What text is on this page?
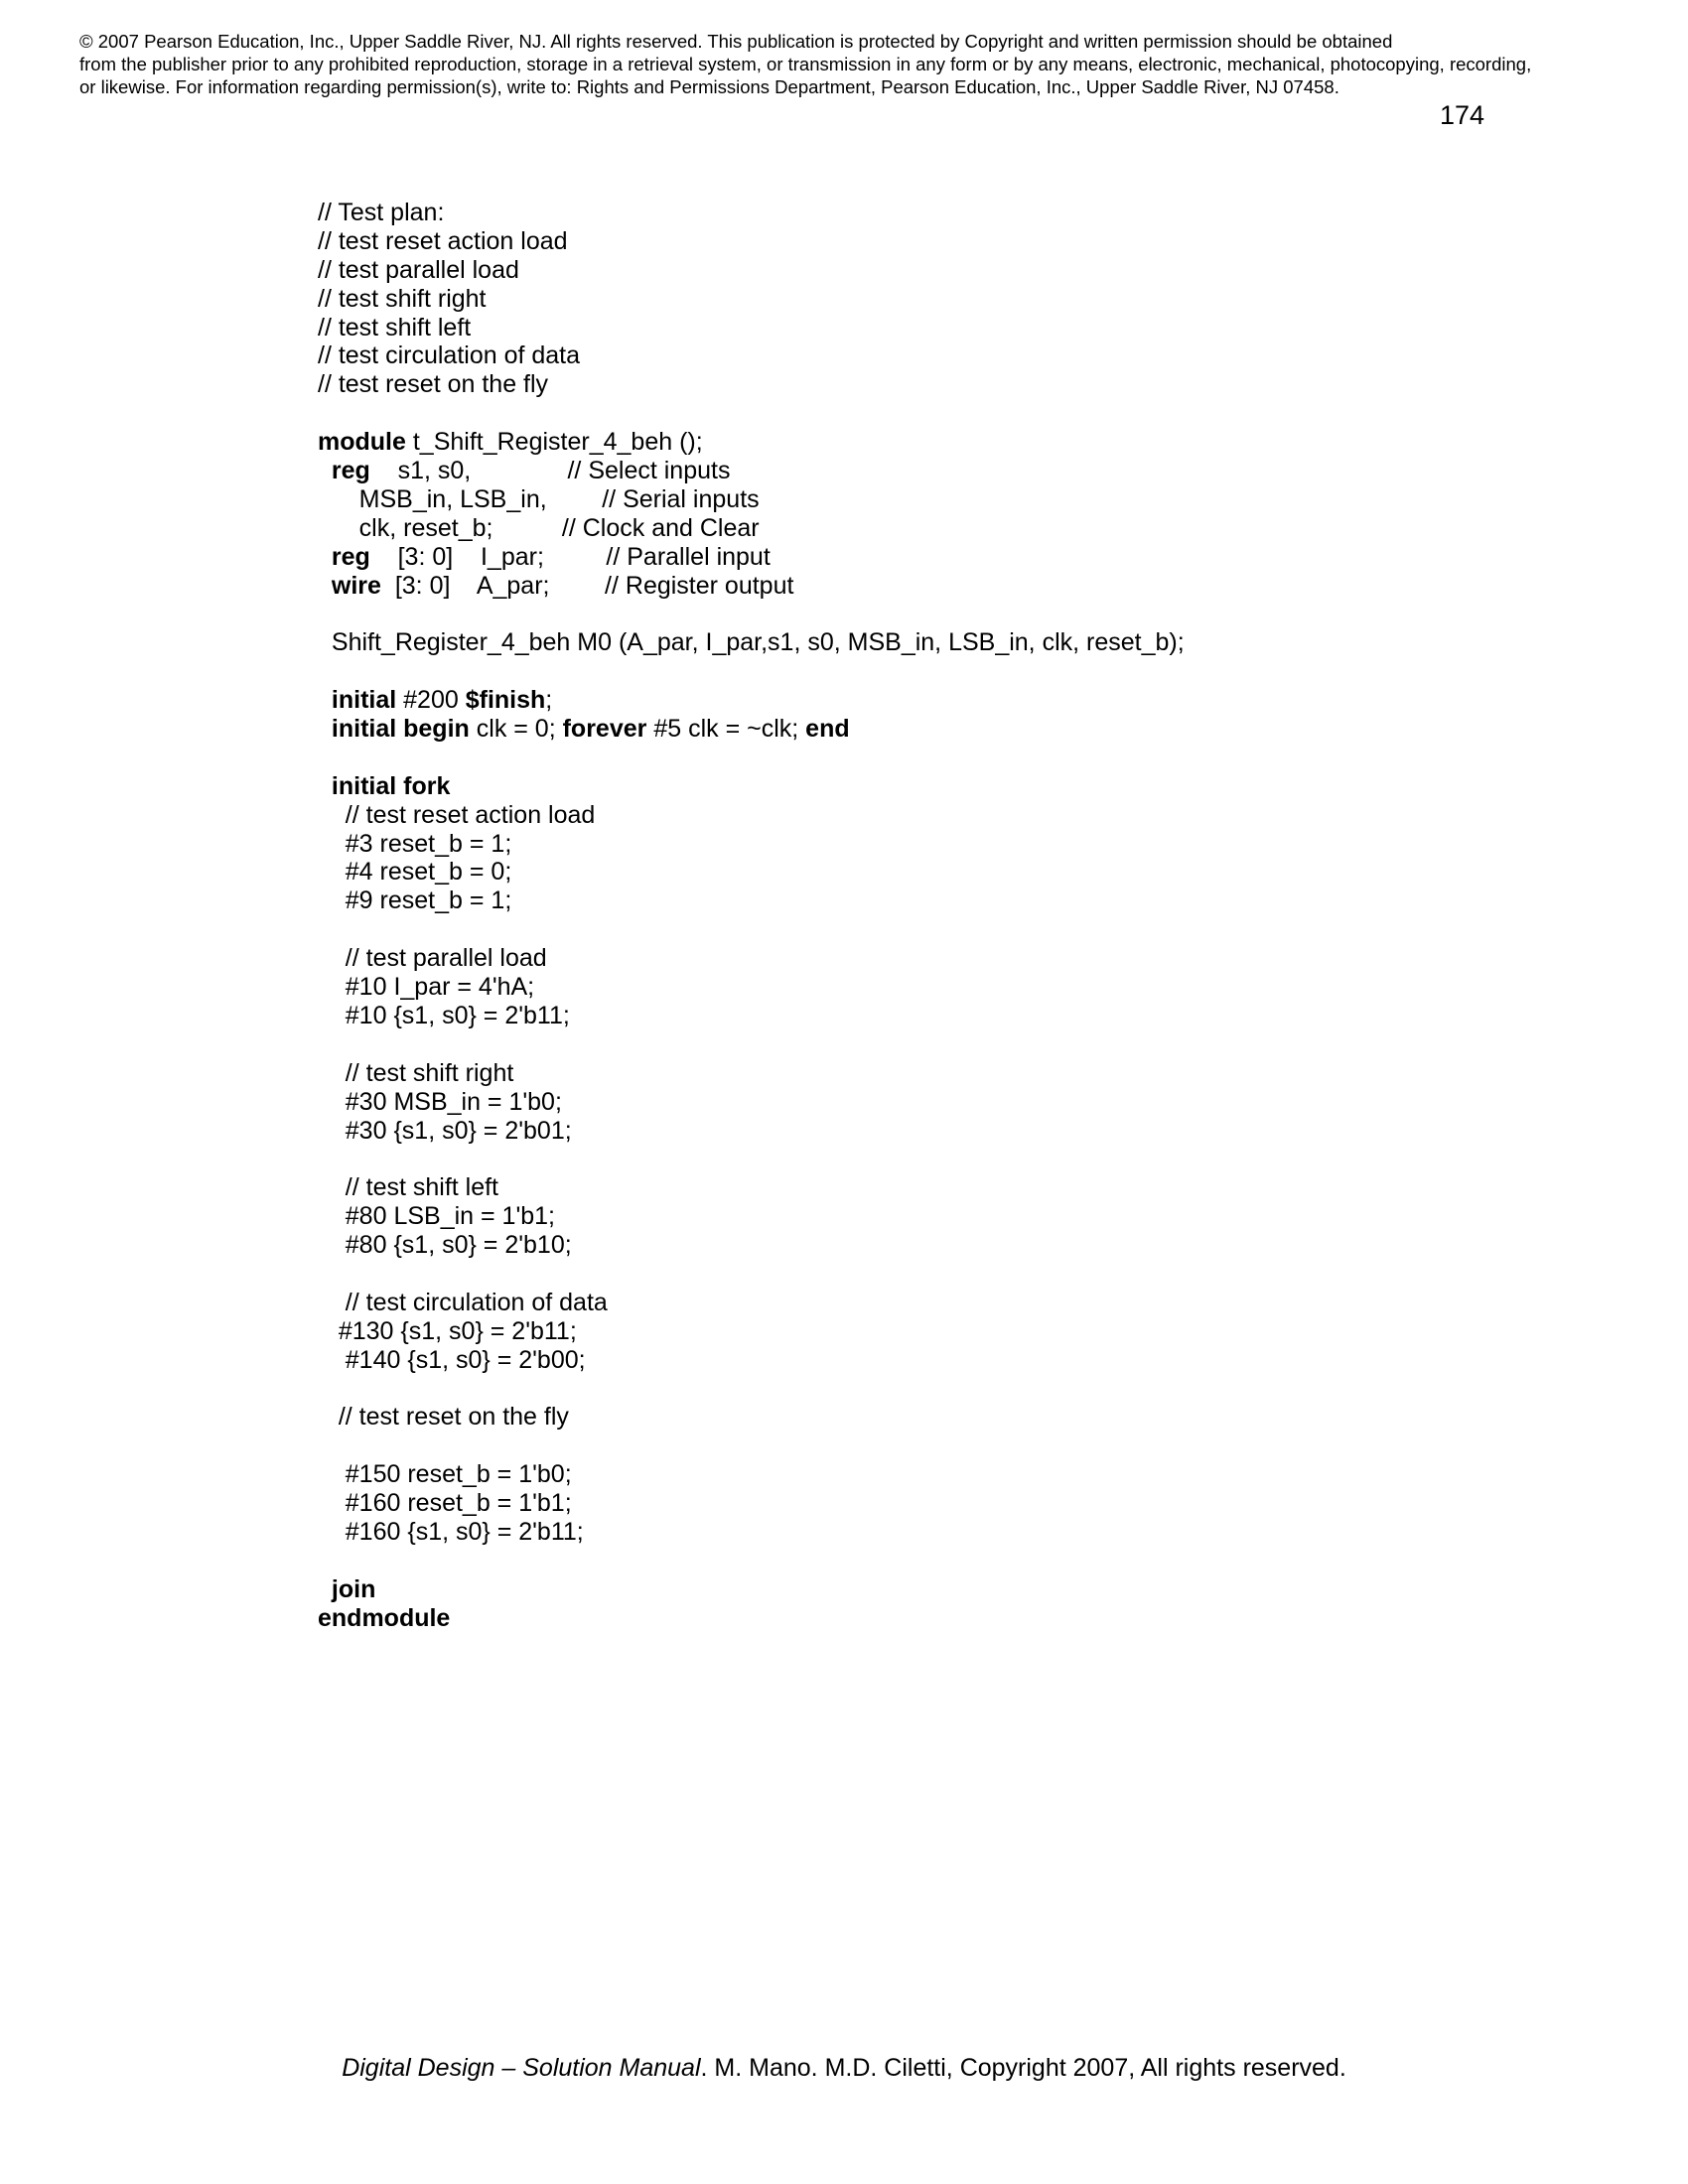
© 2007 Pearson Education, Inc., Upper Saddle River, NJ. All rights reserved. This publication is protected by Copyright and written permission should be obtained

from the publisher prior to any prohibited reproduction, storage in a retrieval system, or transmission in any form or by any means, electronic, mechanical, photocopying, recording,

or likewise. For information regarding permission(s), write to: Rights and Permissions Department, Pearson Education, Inc., Upper Saddle River, NJ 07458.

174
// Test plan:
// test reset action load
// test parallel load
// test shift right
// test shift left
// test circulation of data
// test reset on the fly

module t_Shift_Register_4_beh ();
reg    s1, s0,              // Select inputs
MSB_in, LSB_in,        // Serial inputs
clk, reset_b;          // Clock and Clear
reg    [3: 0]    I_par;         // Parallel input
wire  [3: 0]    A_par;        // Register output

Shift_Register_4_beh M0 (A_par, I_par,s1, s0, MSB_in, LSB_in, clk, reset_b);

initial #200 $finish;
initial begin clk = 0; forever #5 clk = ~clk; end

initial fork
// test reset action load
#3 reset_b = 1;
#4 reset_b = 0;
#9 reset_b = 1;

// test parallel load
#10 I_par = 4'hA;
#10 {s1, s0} = 2'b11;

// test shift right
#30 MSB_in = 1'b0;
#30 {s1, s0} = 2'b01;

// test shift left
#80 LSB_in = 1'b1;
#80 {s1, s0} = 2'b10;

// test circulation of data
#130 {s1, s0} = 2'b11;
#140 {s1, s0} = 2'b00;

// test reset on the fly

#150 reset_b = 1'b0;
#160 reset_b = 1'b1;
#160 {s1, s0} = 2'b11;

join
endmodule
Digital Design – Solution Manual. M. Mano. M.D. Ciletti, Copyright 2007, All rights reserved.
